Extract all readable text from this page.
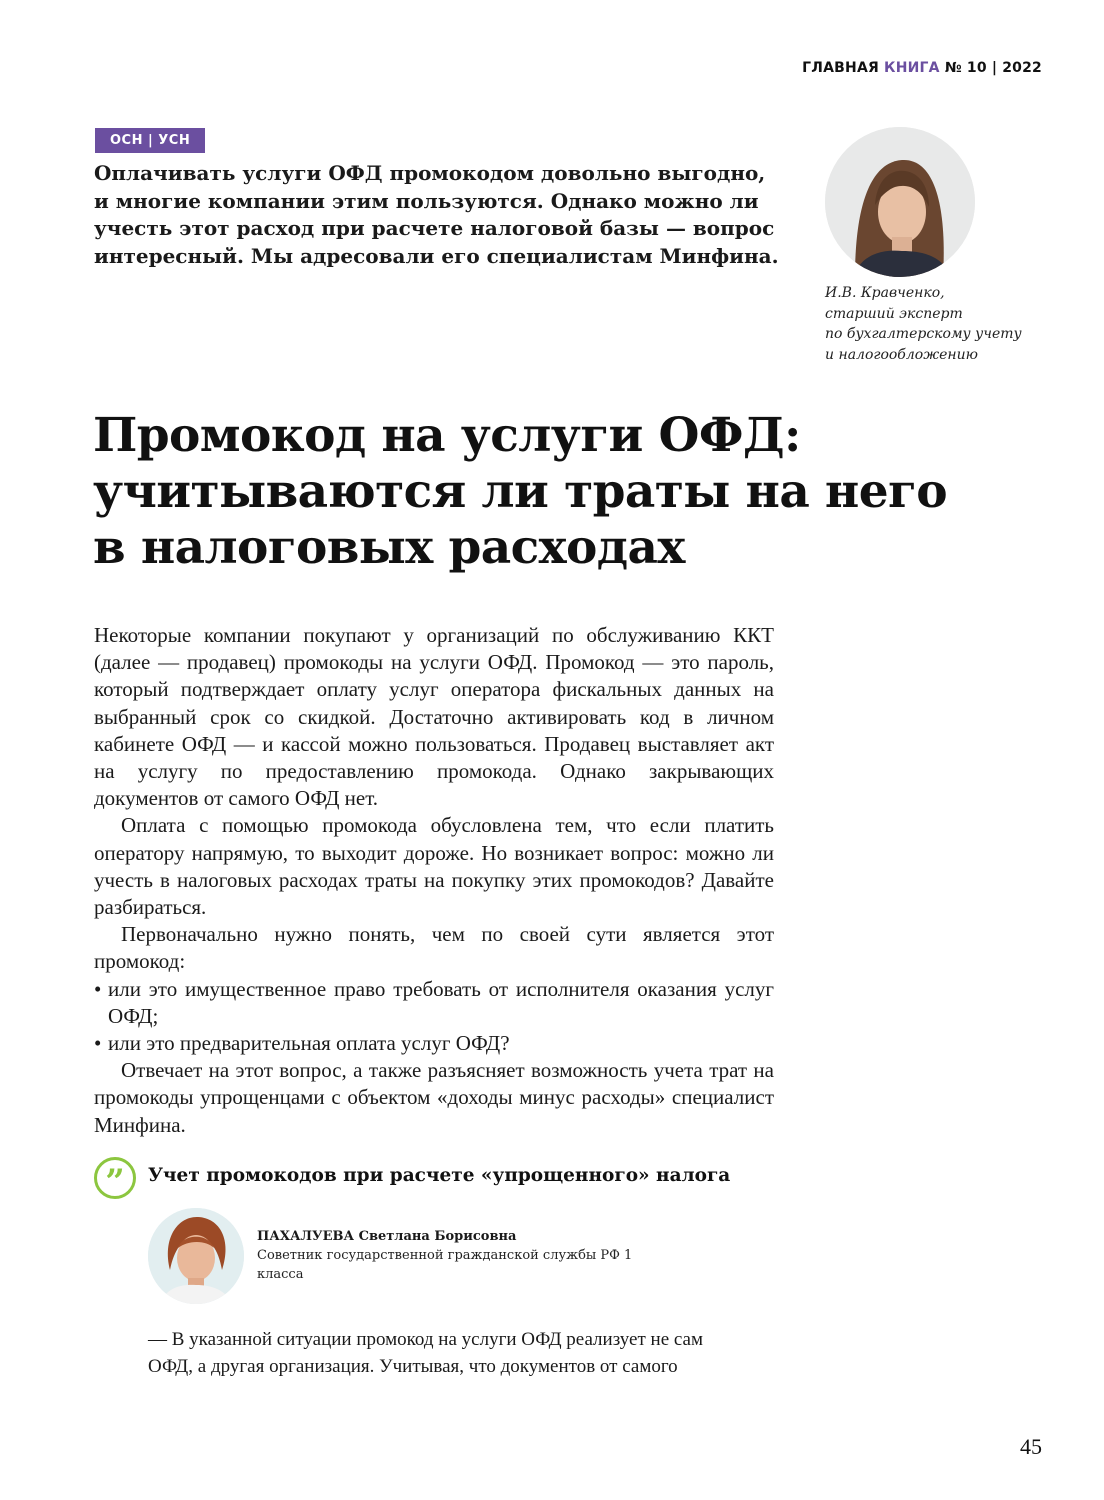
ГЛАВНАЯ КНИГА № 10 | 2022
ОСН | УСН

Оплачивать услуги ОФД промокодом довольно выгодно, и многие компании этим пользуются. Однако можно ли учесть этот расход при расчете налоговой базы — вопрос интересный. Мы адресовали его специалистам Минфина.

И.В. Кравченко,
старший эксперт
по бухгалтерскому учету
и налогообложению
Промокод на услуги ОФД:
учитываются ли траты на него
в налоговых расходах

Некоторые компании покупают у организаций по обслуживанию ККТ (далее — продавец) промокоды на услуги ОФД. Промокод — это пароль, который подтверждает оплату услуг оператора фискальных данных на выбранный срок со скидкой. Достаточно активировать код в личном кабинете ОФД — и кассой можно пользоваться. Продавец выставляет акт на услугу по предоставлению промокода. Однако закрывающих документов от самого ОФД нет.

Оплата с помощью промокода обусловлена тем, что если платить оператору напрямую, то выходит дороже. Но возникает вопрос: можно ли учесть в налоговых расходах траты на покупку этих промокодов? Давайте разбираться.

Первоначально нужно понять, чем по своей сути является этот промокод:

• или это имущественное право требовать от исполнителя оказания услуг ОФД;
• или это предварительная оплата услуг ОФД?

Отвечает на этот вопрос, а также разъясняет возможность учета трат на промокоды упрощенцами с объектом «доходы минус расходы» специалист Минфина.

”	Учет промокодов при расчете «упрощенного» налога
ПАХАЛУЕВА Светлана Борисовна

Советник государственной гражданской службы РФ 1 класса

— В указанной ситуации промокод на услуги ОФД реализует не сам
ОФД, а другая организация. Учитывая, что документов от самого

45
